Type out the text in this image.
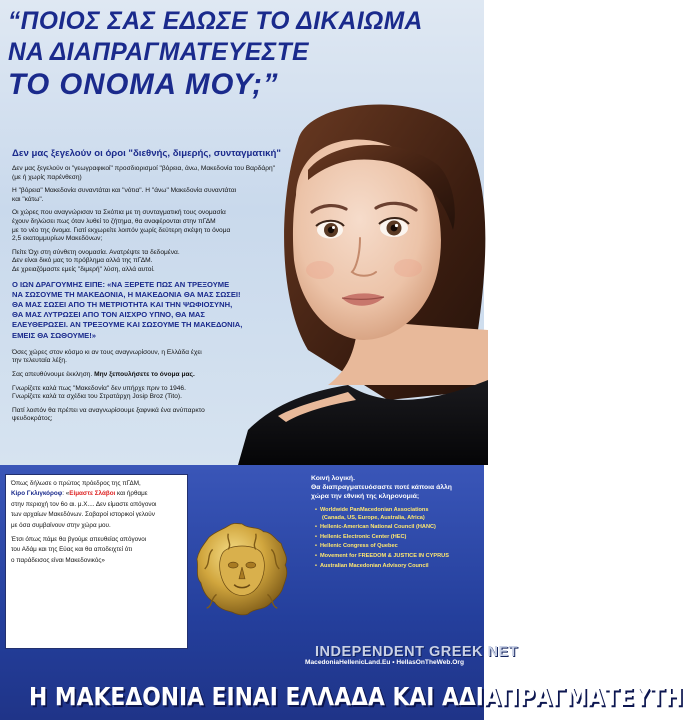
“ΠΟΙΟΣ ΣΑΣ ΕΔΩΣΕ ΤΟ ΔΙΚΑΙΩΜΑ
ΝΑ ΔΙΑΠΡΑΓΜΑΤΕΥΕΣΤΕ
ΤΟ ΟΝΟΜΑ ΜΟΥ;”
Δεν μας ξεγελούν οι όροι "διεθνής, διμερής, συνταγματική"
Δεν μας ξεγελούν οι "γεωγραφικοί" προσδιορισμοί "βόρεια, άνω, Μακεδονία του Βαρδάρη"
(με ή χωρίς παρένθεση)
Η "βόρεια" Μακεδονία συναντάται και "νότια". Η "άνω" Μακεδονία συναντάται
και "κάτω".
Οι χώρες που αναγνώρισαν τα Σκόπια με τη συνταγματική τους ονομασία
έχουν δηλώσει πως όταν λυθεί το ζήτημα, θα αναφέρονται στην πΓΔΜ
με το νέο της όνομα. Γιατί εκχωρείτε λοιπόν χωρίς δεύτερη σκέψη το όνομα
2,5 εκατομμυρίων Μακεδόνων;
Πείτε Όχι στη σύνθετη ονομασία. Ανατρέψτε τα δεδομένα.
Δεν είναι δικό μας το πρόβλημα αλλά της πΓΔΜ.
Δε χρειαζόμαστε εμείς "διμερή" λύση, αλλά αυτοί.
Ο ΙΩΝ ΔΡΑΓΟΥΜΗΣ ΕΙΠΕ: «ΝΑ ΞΕΡΕΤΕ ΠΩΣ ΑΝ ΤΡΕΞΟΥΜΕ
ΝΑ ΣΩΣΟΥΜΕ ΤΗ ΜΑΚΕΔΟΝΙΑ, Η ΜΑΚΕΔΟΝΙΑ ΘΑ ΜΑΣ ΣΩΣΕΙ!
ΘΑ ΜΑΣ ΣΩΣΕΙ ΑΠΟ ΤΗ ΜΕΤΡΙΟΤΗΤΑ ΚΑΙ ΤΗΝ ΨΩΦΙΟΣΥΝΗ,
ΘΑ ΜΑΣ ΛΥΤΡΩΣΕΙ ΑΠΟ ΤΟΝ ΑΙΣΧΡΟ ΥΠΝΟ, ΘΑ ΜΑΣ
ΕΛΕΥΘΕΡΩΣΕΙ. ΑΝ ΤΡΕΞΟΥΜΕ ΚΑΙ ΣΩΣΟΥΜΕ ΤΗ ΜΑΚΕΔΟΝΙΑ,
ΕΜΕΙΣ ΘΑ ΣΩΘΟΥΜΕ!»
Όσες χώρες στον κόσμο κι αν τους αναγνωρίσουν, η Ελλάδα έχει
την τελευταία λέξη.
Σας απευθύνουμε έκκληση. Μην ξεπουλήσετε το όνομα μας.
Γνωρίζετε καλά πως "Μακεδονία" δεν υπήρχε πριν το 1946.
Γνωρίζετε καλά τα σχέδια του Στρατάρχη Josip Broz (Tito).
Πατί λοιπόν θα πρέπει να αναγνωρίσουμε ξαφνικά ένα ανύπαρκτο
ψευδοκράτος;
Όπως δήλωσε ο πρώτος πρόεδρος της πΓΔΜ,
Κίρο Γκλιγκόροφ: «Είμαστε Σλάβοι και ήρθαμε
στην περιοχή τον 6ο αι. μ.Χ.... Δεν είμαστε απόγονοι
των αρχαίων Μακεδόνων. Σοβαροί ιστορικοί γελούν
με όσα συμβαίνουν στην χώρα μου.
Έτσι όπως πάμε θα βγούμε απευθείας απόγονοι
του Αδάμ και της Εύας και θα αποδειχτεί ότι
ο παράδεισος είναι Μακεδονικός»
Κοινή λογική.
Θα διαπραγματευόσαστε ποτέ κάποια άλλη
χώρα την εθνική της κληρονομιά;
• Worldwide PanMacedonian Associations
(Canada, US, Europe, Australia, Africa)
• Hellenic-American National Council (HANC)
• Hellenic Electronic Center (HEC)
• Hellenic Congress of Quebec
• Movement for FREEDOM & JUSTICE IN CYPRUS
• Australian Macedonian Advisory Council
INDEPENDENT GREEK NET
MacedoniaHellenicLand.Eu • HellasOnTheWeb.Org
Η ΜΑΚΕΔΟΝΙΑ ΕΙΝΑΙ ΕΛΛΑΔΑ ΚΑΙ ΑΔΙΑΠΡΑΓΜΑΤΕΥΤΗ
